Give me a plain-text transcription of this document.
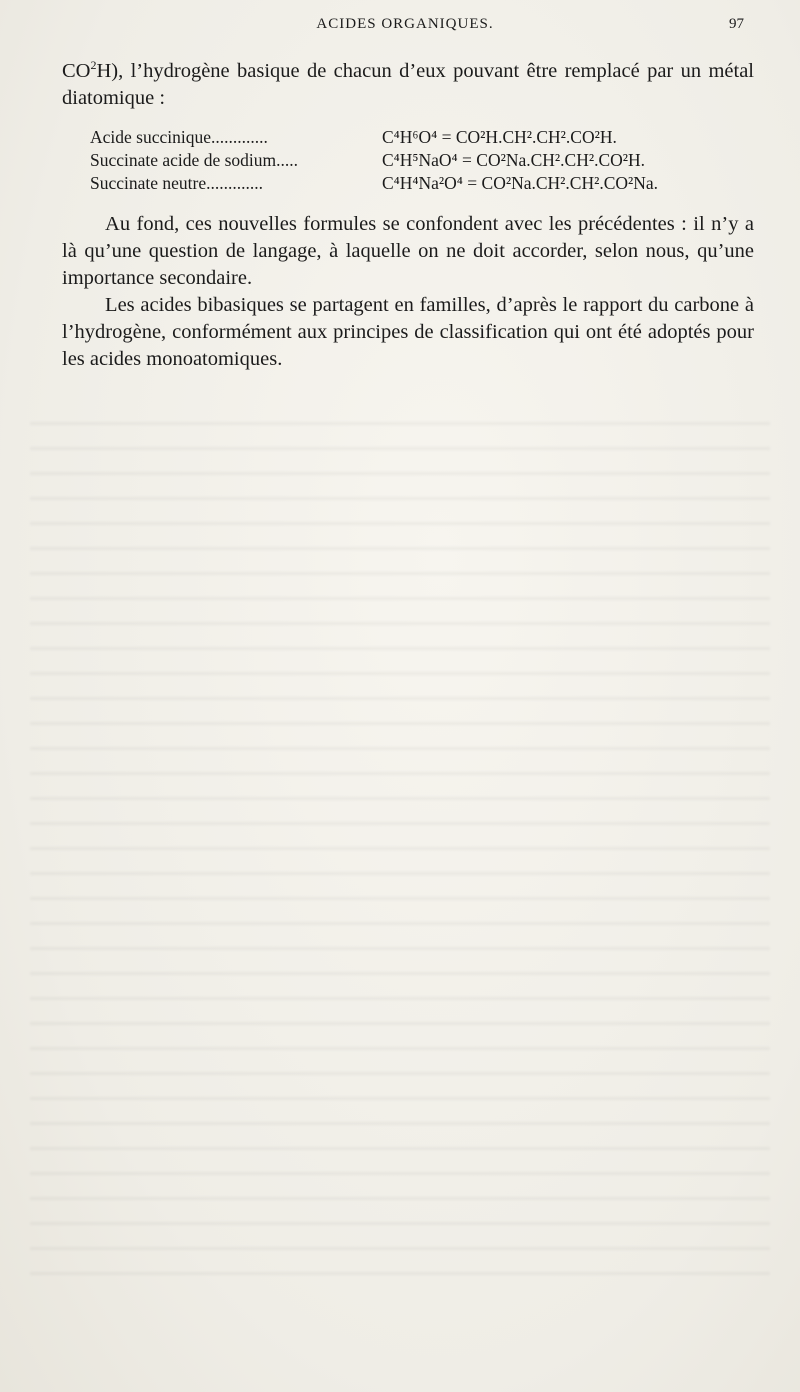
ACIDES ORGANIQUES.	97

$CO^2H$), l’hydrogène basique de chacun d’eux pouvant être remplacé par un métal diatomique :

Acide succinique.............	C⁴H⁶O⁴ = CO²H.CH².CH².CO²H.
Succinate acide de sodium.....	C⁴H⁵NaO⁴ = CO²Na.CH².CH².CO²H.
Succinate neutre.............	C⁴H⁴Na²O⁴ = CO²Na.CH².CH².CO²Na.

Au fond, ces nouvelles formules se confondent avec les précédentes : il n’y a là qu’une question de langage, à laquelle on ne doit accorder, selon nous, qu’une importance secondaire.

Les acides bibasiques se partagent en familles, d’après le rapport du carbone à l’hydrogène, conformément aux principes de classification qui ont été adoptés pour les acides monoatomiques.
